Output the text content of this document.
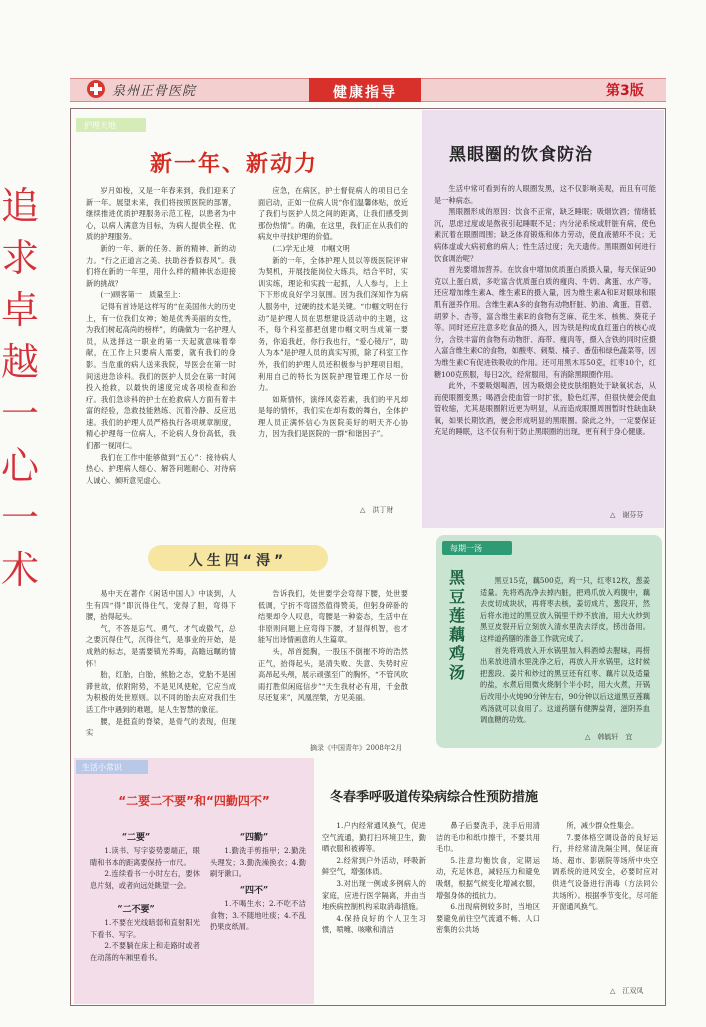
泉州正骨医院	健康指导	第3版
追求卓越 一心一术
护理天地
新一年、新动力

岁月如梭，又是一年春来到，我们迎来了新一年。展望未来，我们将按照医院的部署，继续推进优质护理服务示范工程，以患者为中心，以病人满意为目标，为病人提供全程、优质的护理服务。

新的一年、新的任务、新的精神、新的动力。“行之正道言之美、扶助谷香似春风”。我们将在新的一年里，用什么样的精神状态迎接新的挑战？

(一)顾客第一　质量至上：

记得有首诗是这样写的“在美国伟大的历史上，有一位我们女神；她是优秀美丽的女性，为我们树起高尚的榜样”，的确做为一名护理人员，从选择这一职业的第一天起就意味着奉献，在工作上只要病人需要，就有我们的身影。当危重的病人送来我院，导医会在第一时间送进急诊科。我们的医护人员会在第一时间投入抢救，以最快的速度完成各项检查和治疗。我们急诊科的护士在抢救病人方面有着丰富的经验，急救技能熟练、沉着冷静、反应迅速。我们的护理人员严格执行各项规章制度，精心护理每一位病人，不论病人身份高低，我们都一视同仁。

我们在工作中能够做到“五心”：接待病人热心、护理病人细心、解答问题耐心、对待病人诚心、倾听意见虚心。

应急，在病区，护士督促病人的项目已全面启动，正如一位病人说“你们温馨体贴，放近了我们与医护人员之间的距离，让我们感受到那份热情”。的确，在这里，我们正在从我们的病友中寻找护理的价值。

(二)学无止境　巾帼文明

新的一年，全体护理人员以等级医院评审为契机，开展技能岗位大练兵，结合平时，实训实练，理论和实践一起抓，人人参与，上上下下形成良好学习氛围。因为我们深知作为病人服务中，过硬的技术是关键。“巾帼文明在行动”是护理人员在思想建设活动中的主题，这不，每个科室都把创建巾帼文明当成第一要务，你追我赶，你行我也行，“爱心镜厅”，助人为本”是护理人员的真实写照，除了科室工作外，我们的护理人员还积极参与护理项目组，利用自己的特长为医院护理管理工作尽一份力。

如斯情怀，演绎风姿若素，我们的平凡却是每的情怀，我们实在却有数的舞台，全体护理人员正满怀信心为医院美好的明天齐心协力，因为我们是医院的一群“和谐因子”。

△　洪丁财
黑眼圈的饮食防治

生活中常可看到有的人眼圈发黑，这不仅影响美观，而且有可能是一种病态。

黑眼圈形成的原因：饮食不正常，缺乏睡眠；吸烟饮酒；情绪低沉，思虑过度或是熬夜引起睡眠不足；内分泌系统或肝脏有病，使色素沉着在眼圈周围；缺乏体育锻炼和体力劳动，使血液循环不良；无病体虚或大病初愈的病人；性生活过度；先天遗传。黑眼圈如何进行饮食调治呢？

首先要增加营养。在饮食中增加优质蛋白质摄入量，每天保证90克以上蛋白质，多吃富含优质蛋白质的瘦肉、牛奶、禽蛋、水产等。还应增加维生素A、维生素E的摄入量，因为维生素A和E对眼球和眼肌有滋养作用。含维生素A多的食物有动物肝脏、奶油、禽蛋、苜蓿、胡萝卜、杏等，富含维生素E的食物有芝麻、花生米、核桃、葵花子等。同时还应注意多吃食品的摄入，因为铁是构成血红蛋白的核心成分，含铁丰富的食物有动物肝、海带、瘦肉等，摄入含铁的同时应摄入富含维生素C的食物，如酸枣、刺梨、橘子、番茄和绿色蔬菜等，因为维生素C有促进铁吸收的作用。还可用黑木耳50克，红枣10个，红糖100克煎服，每日2次，经常服用，有消除黑眼圈作用。

此外，不要吸烟喝酒，因为吸烟会使皮肤细胞处于缺氧状态，从而使眼圈变黑；喝酒会使血管一时扩张，脸色红浑，但很快便会使血管收缩，尤其是眼圈附近更为明显，从而造成眼圈周围暂时性缺血缺氧，如果长期饮酒，便会形成明显的黑眼圈。除此之外，一定要保证充足的睡眠，这不仅有利于防止黑眼圈的出现，更有利于身心健康。

△　谢芬芬
人生四“淂”

易中天在著作《闲话中国人》中谈到，人生有四“得”即沉得住气，宠得了胆，弯得下腰，抬得起头。

气，不答是忘气、勇气、才气或傲气，总之要沉得住气，沉得住气，是事业的开始，是成熟的标志，是需要镇光养晦，高瞻远瞩的情怀！

胎，红胎，白胎，熊胎之态，党胎不是困滞世故，依附附势，不是见风使舵，它应当成为积极的处世原则。以不同的胎去应对我们生活工作中遇到的难题，是人生智慧的象征。

腰，是挺直的脊梁，是骨气的表现，但现实

告诉我们，处世要学会弯得下腰，处世要低调，宁折不弯固然值得赞美，但躬身碎卧的结果却令人叹息，弯腰是一种姿态，生活中在非原则问题上应弯得下腰，才显得机智，也才能写出诗情画意的人生篇章。

头，昂首挺胸，一股压不倒摧不垮的浩然正气，抬得起头，是清失败、失意、失势时应高昂起头颅，展示顽强至广的胸怀，“不管风吹雨打胜似闲庭信步”“天生我材必有用，千金散尽还复来”，风凰涅槃，方见美丽。

摘录《中国青年》2008年2月
每期一汤
黑豆莲藕鸡汤

黑豆15克，藕500克，鸡一只，红枣12枚，葱姜适量。先将鸡洗净去掉内脏，把鸡爪放入鸡腹中，藕去皮切成块状，再将枣去核，姜切成片，葱段开，然后将水池过的黑豆放入锅里干炒不放油，用大火炒到黑豆皮裂开后立刻放入清水里洗去浮皮，捞出备用。这样道药膳的准备工作就完成了。

首先将鸡放入开水锅里加入料酒焯去腥味，再捞出来放进清水里洗净之后，再放入开水锅里，这时候把葱段、姜片和炒过的黑豆还有红枣、藕片以及适量的盐，水煮后用微火烧制个半小时，用大火煮，开锅后改用小火炖90分钟左右，90分钟以后这道黑豆莲藕鸡汤就可以食用了。这道药膳有健脾益肾，滋阴养血调血糖的功效。

△　韩毓轩　宜
生活小常识
“二要二不要”和“四勤四不”
“二要”

1.读书、写字姿势要端正，眼睛和书本的距离要保持一市尺。

2.连续看书一小时左右，要休息片刻，或者向远处眺望一会。

“二不要”

1.不要在光线暗弱和直射阳光下看书、写字。

2.不要躺在床上和走路时或者在动荡的车厢里看书。

“四勤”

1.勤洗手剪指甲；2.勤洗头理发；3.勤洗澡换衣；4.勤刷牙漱口。

“四不”

1.不喝生水；2.不吃不洁食物；3.不随地吐痰；4.不乱扔果皮纸屑。

冬春季呼吸道传染病综合性预防措施

1.户内经常通风换气，促进空气流通，勤打扫环境卫生，勤晒衣服和被褥等。

2.经常到户外活动，呼吸新鲜空气，增强体质。

3.对出现一例或多例病人的家庭，应进行医学隔离，并由当地疾病控制机构采取消毒措施。

4.保持良好的个人卫生习惯，喷嚏、咳嗽和清洁

鼻子后要洗手，洗手后用清洁的毛巾和纸巾擦干，不要共用毛巾。

5.注意均衡饮食，定期运动，充足休息，减轻压力和避免吸烟，根据气候变化增减衣服，增强身体的抵抗力。

6.出现病例较多时，当地区要避免前往空气流通不畅、人口密集的公共场

所，减少群众性集会。

7.要体格空调设备的良好运行，并经常清洗隔尘网，保证商场、超市、影剧院等场所中央空调系统的进风安全，必要时应对供进气设备进行消毒（方法同公共场所）。根据季节变化，尽可能开窗通风换气。

△　江双凤
